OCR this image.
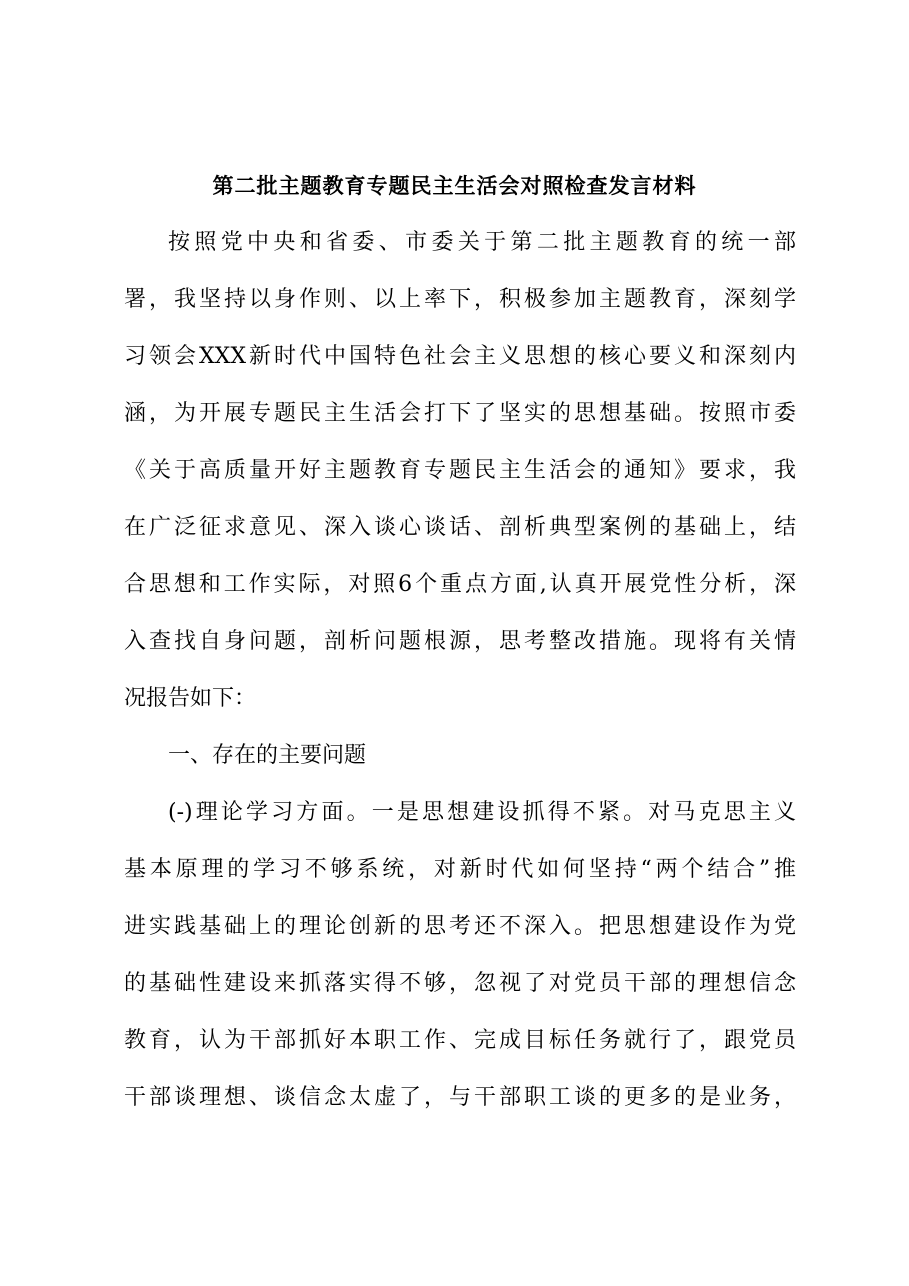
第二批主题教育专题民主生活会对照检查发言材料
按照党中央和省委、市委关于第二批主题教育的统一部
署，我坚持以身作则、以上率下，积极参加主题教育，深刻学
习领会XXX新时代中国特色社会主义思想的核心要义和深刻内
涵，为开展专题民主生活会打下了坚实的思想基础。按照市委
《关于高质量开好主题教育专题民主生活会的通知》要求，我
在广泛征求意见、深入谈心谈话、剖析典型案例的基础上，结
合思想和工作实际，对照6个重点方面,认真开展党性分析，深
入查找自身问题，剖析问题根源，思考整改措施。现将有关情
况报告如下：
一、存在的主要问题
(-)理论学习方面。一是思想建设抓得不紧。对马克思主义
基本原理的学习不够系统，对新时代如何坚持“两个结合”推
进实践基础上的理论创新的思考还不深入。把思想建设作为党
的基础性建设来抓落实得不够，忽视了对党员干部的理想信念
教育，认为干部抓好本职工作、完成目标任务就行了，跟党员
干部谈理想、谈信念太虚了，与干部职工谈的更多的是业务，
